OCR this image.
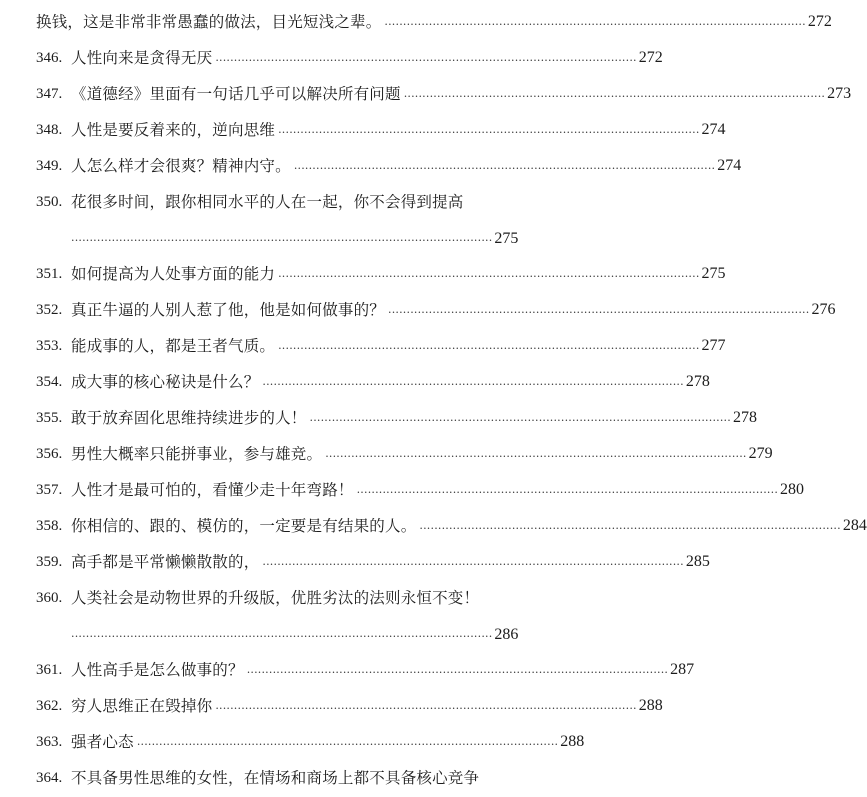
换钱，这是非常非常愚蠢的做法，目光短浅之辈。 .................................................................................................................. 272
346. 人性向来是贪得无厌 .................................................................................................................. 272
347. 《道德经》里面有一句话几乎可以解决所有问题 .................................................................................................................. 273
348. 人性是要反着来的，逆向思维 .................................................................................................................. 274
349. 人怎么样才会很爽？精神内守。 .................................................................................................................. 274
350. 花很多时间，跟你相同水平的人在一起，你不会得到提高
.................................................................................................................. 275
351. 如何提高为人处事方面的能力 .................................................................................................................. 275
352. 真正牛逼的人别人惹了他，他是如何做事的？ .................................................................................................................. 276
353. 能成事的人，都是王者气质。 .................................................................................................................. 277
354. 成大事的核心秘诀是什么？ .................................................................................................................. 278
355. 敢于放弃固化思维持续进步的人！ .................................................................................................................. 278
356. 男性大概率只能拼事业，参与雄竞。 .................................................................................................................. 279
357. 人性才是最可怕的，看懂少走十年弯路！ .................................................................................................................. 280
358. 你相信的、跟的、模仿的，一定要是有结果的人。 .................................................................................................................. 284
359. 高手都是平常懒懒散散的， .................................................................................................................. 285
360. 人类社会是动物世界的升级版，优胜劣汰的法则永恒不变！
.................................................................................................................. 286
361. 人性高手是怎么做事的？ .................................................................................................................. 287
362. 穷人思维正在毁掉你 .................................................................................................................. 288
363. 强者心态 .................................................................................................................. 288
364. 不具备男性思维的女性，在情场和商场上都不具备核心竞争
